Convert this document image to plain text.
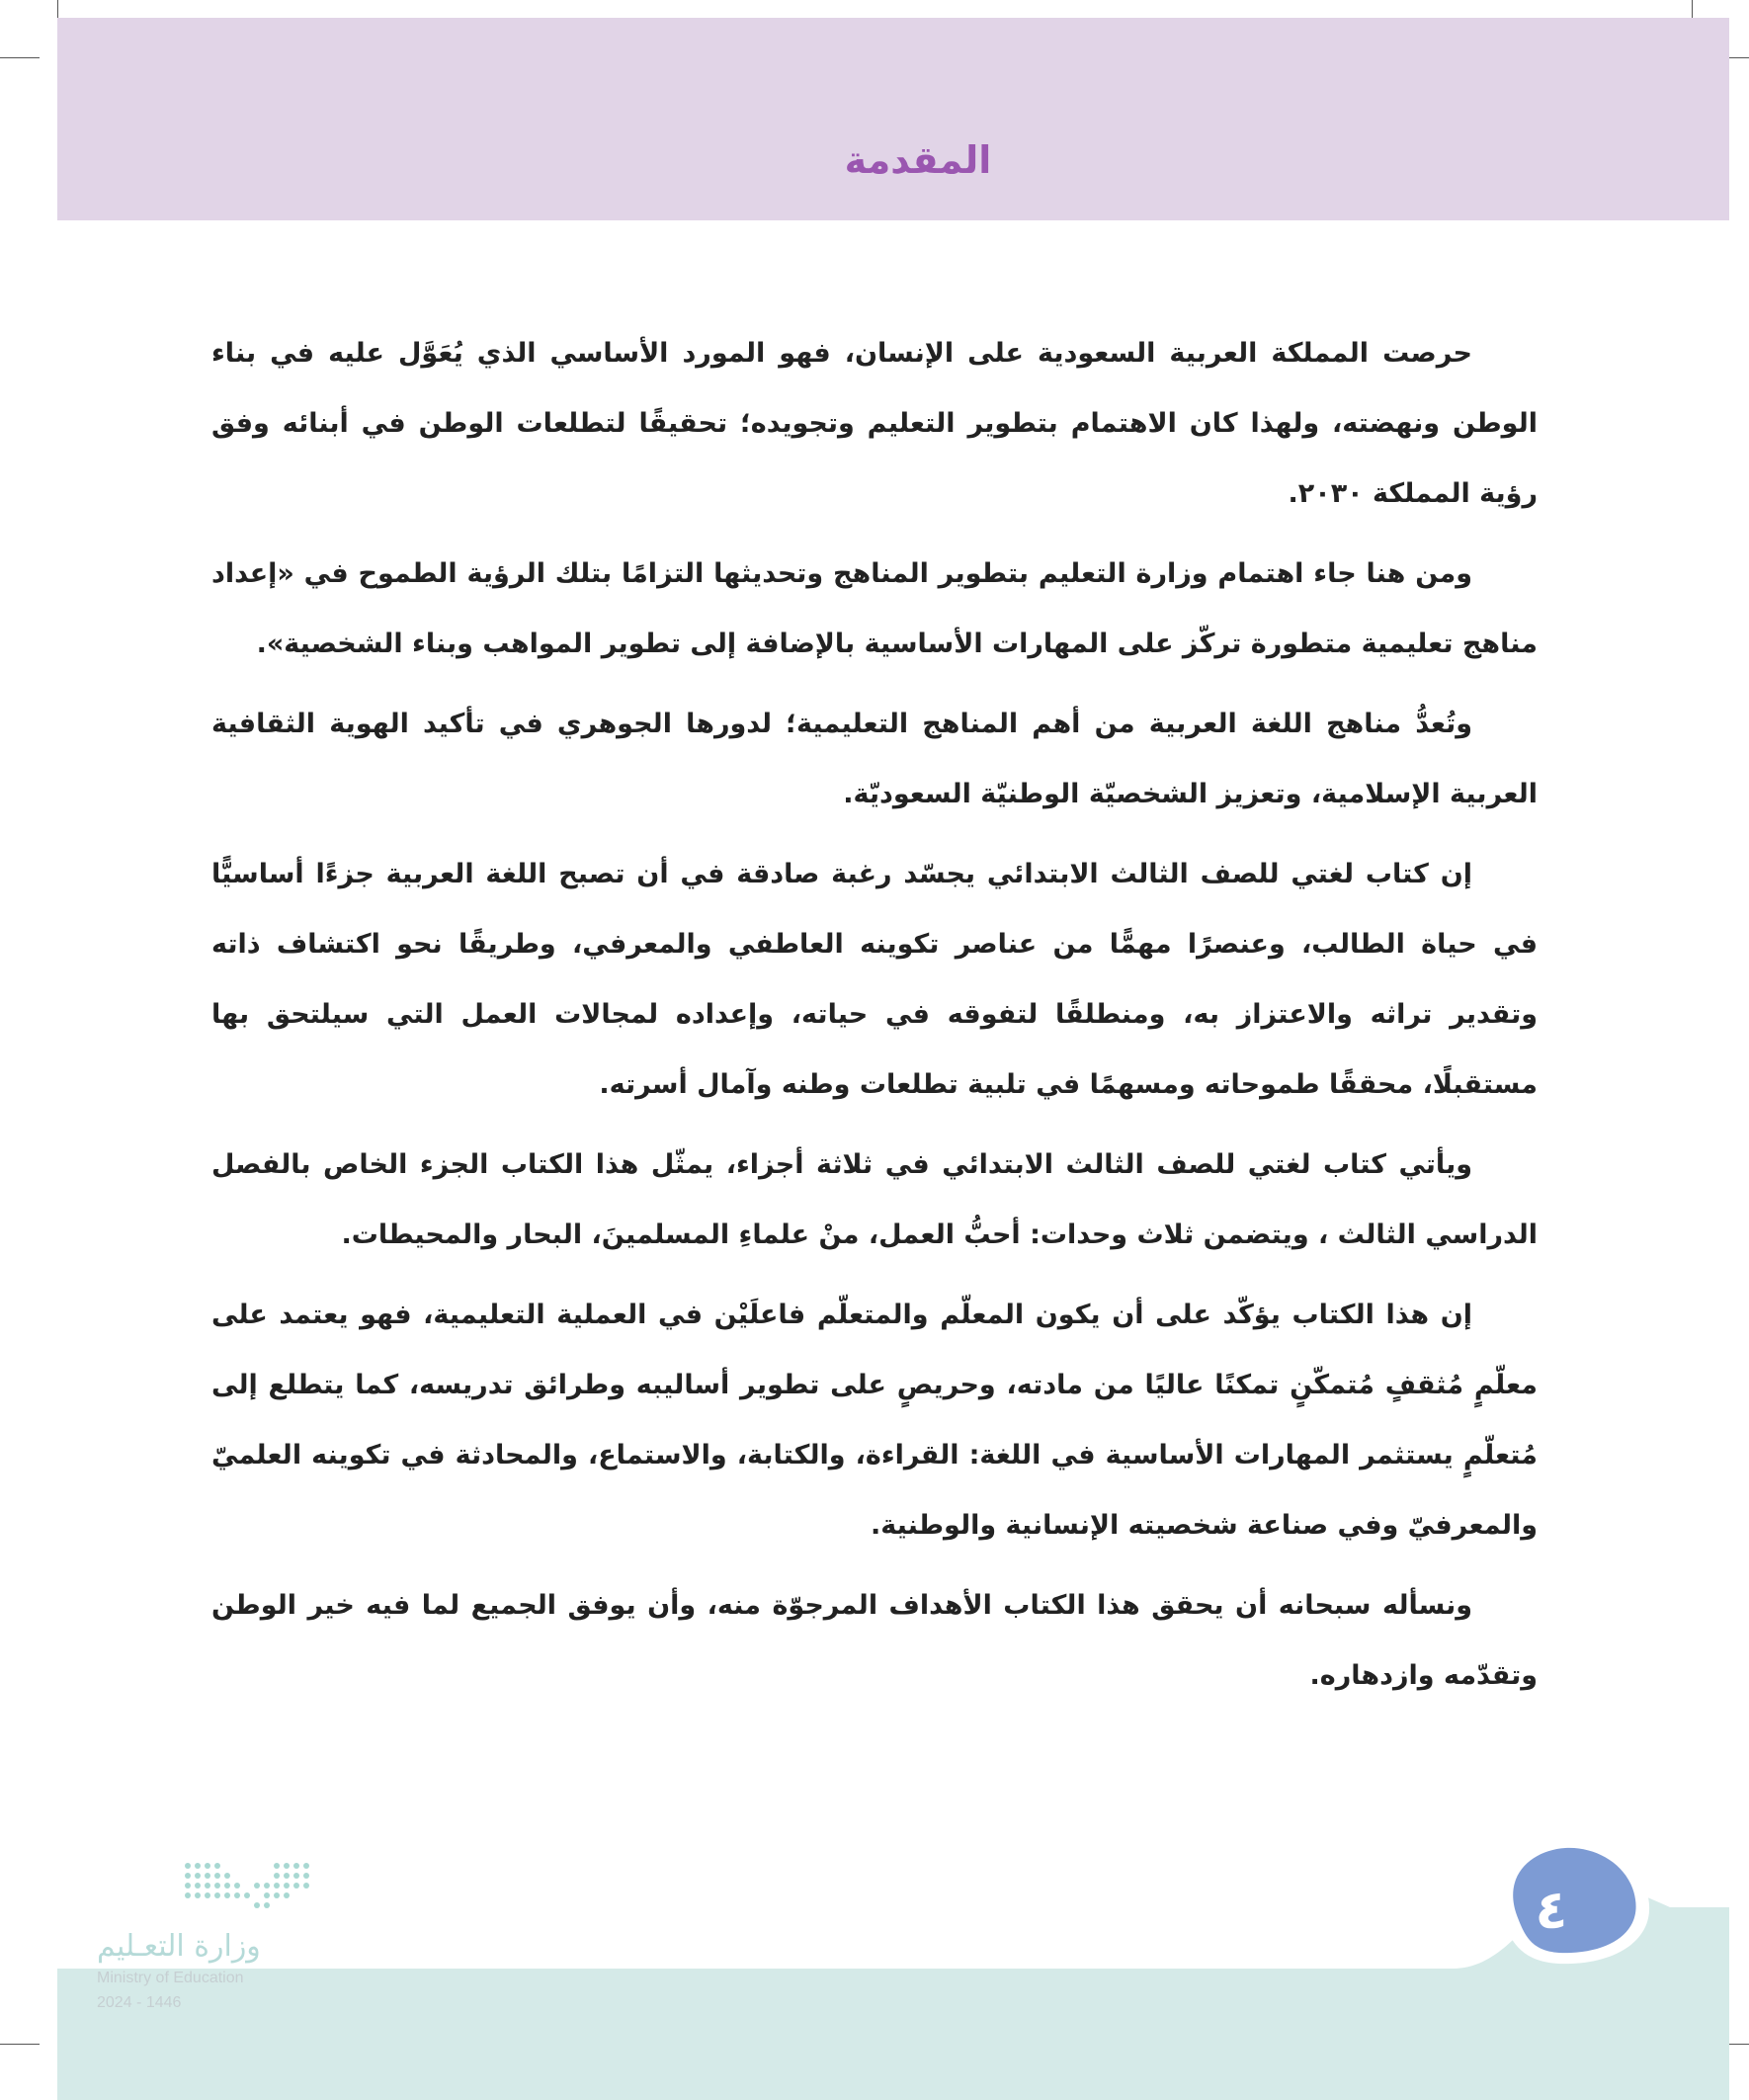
المقدمة

حرصت المملكة العربية السعودية على الإنسان، فهو المورد الأساسي الذي يُعَوَّل عليه في بناء الوطن ونهضته، ولهذا كان الاهتمام بتطوير التعليم وتجويده؛ تحقيقًا لتطلعات الوطن في أبنائه وفق رؤية المملكة ٢٠٣٠.

ومن هنا جاء اهتمام وزارة التعليم بتطوير المناهج وتحديثها التزامًا بتلك الرؤية الطموح في «إعداد مناهج تعليمية متطورة تركّز على المهارات الأساسية بالإضافة إلى تطوير المواهب وبناء الشخصية».

وتُعدُّ مناهج اللغة العربية من أهم المناهج التعليمية؛ لدورها الجوهري في تأكيد الهوية الثقافية العربية الإسلامية، وتعزيز الشخصيّة الوطنيّة السعوديّة.

إن كتاب لغتي للصف الثالث الابتدائي يجسّد رغبة صادقة في أن تصبح اللغة العربية جزءًا أساسيًّا في حياة الطالب، وعنصرًا مهمًّا من عناصر تكوينه العاطفي والمعرفي، وطريقًا نحو اكتشاف ذاته وتقدير تراثه والاعتزاز به، ومنطلقًا لتفوقه في حياته، وإعداده لمجالات العمل التي سيلتحق بها مستقبلًا، محققًا طموحاته ومسهمًا في تلبية تطلعات وطنه وآمال أسرته.

ويأتي كتاب لغتي للصف الثالث الابتدائي في ثلاثة أجزاء، يمثّل هذا الكتاب الجزء الخاص بالفصل الدراسي الثالث ، ويتضمن ثلاث وحدات: أحبُّ العمل، منْ علماءِ المسلمينَ، البحار والمحيطات.

إن هذا الكتاب يؤكّد على أن يكون المعلّم والمتعلّم فاعلَيْن في العملية التعليمية، فهو يعتمد على معلّمٍ مُثقفٍ مُتمكّنٍ تمكنًا عاليًا من مادته، وحريصٍ على تطوير أساليبه وطرائق تدريسه، كما يتطلع إلى مُتعلّمٍ يستثمر المهارات الأساسية في اللغة: القراءة، والكتابة، والاستماع، والمحادثة في تكوينه العلميّ والمعرفيّ وفي صناعة شخصيته الإنسانية والوطنية.

ونسأله سبحانه أن يحقق هذا الكتاب الأهداف المرجوّة منه، وأن يوفق الجميع لما فيه خير الوطن وتقدّمه وازدهاره.

٤
وزارة التعـليم
Ministry of Education
2024 - 1446
